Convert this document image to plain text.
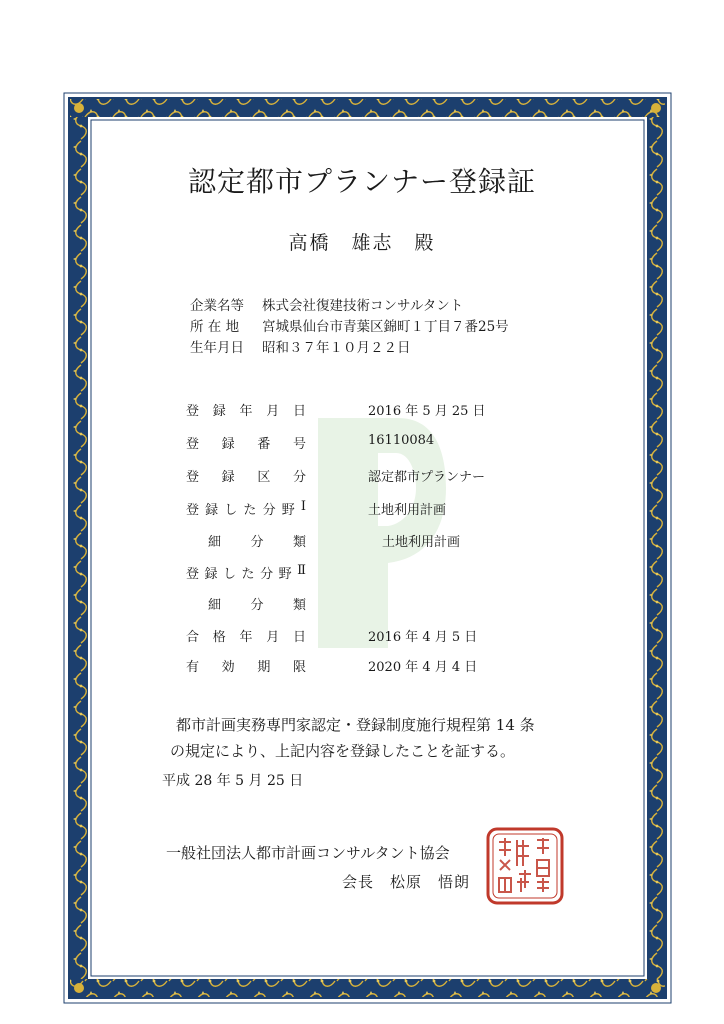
認定都市プランナー登録証
高橋　雄志　殿
企業名等	株式会社復建技術コンサルタント
所 在 地	宮城県仙台市青葉区錦町１丁目７番25号
生年月日	昭和３７年１０月２２日
登 録 年 月 日	2016 年 5 月 25 日
登 録 番 号	16110084
登 録 区 分	認定都市プランナー
登 録 し た 分 野 Ⅰ	土地利用計画
細 分 類	土地利用計画
登 録 し た 分 野 Ⅱ
細 分 類
合 格 年 月 日	2016 年 4 月 5 日
有 効 期 限	2020 年 4 月 4 日
都市計画実務専門家認定・登録制度施行規程第 14 条
の規定により、上記内容を登録したことを証する。
平成 28 年 5 月 25 日
一般社団法人都市計画コンサルタント協会
会長　松原　悟朗
